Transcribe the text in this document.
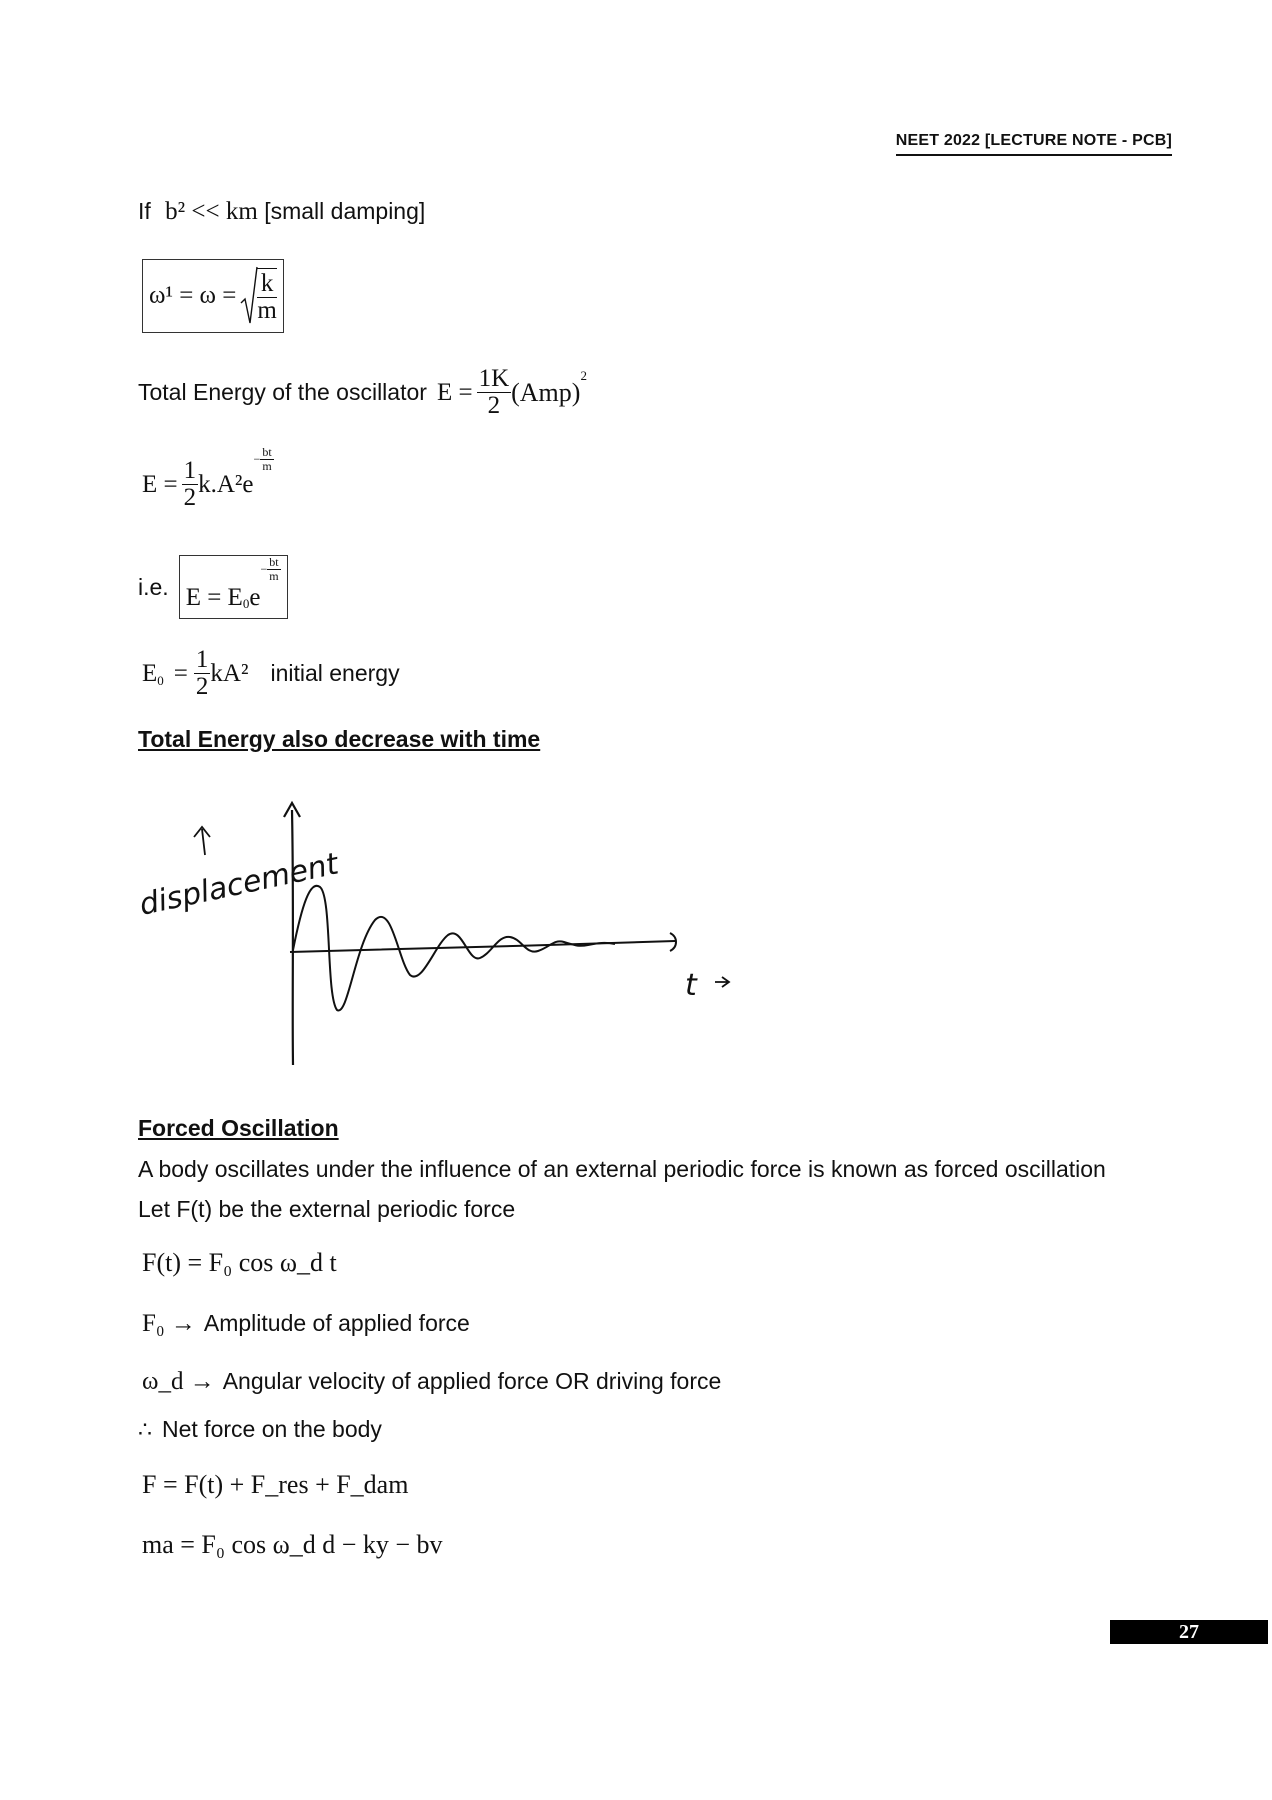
NEET 2022 [LECTURE NOTE - PCB]
If b² << km [small damping]
$\omega^1 = \omega = \frac{k}{m}$
Total Energy of the oscillator $E = \frac{1K}{2} (Amp)$
2
$E = \frac{1}{2} k.A^2e$
− $\frac{bt}{m}$
i.e. $E = E_0$ e
− $\frac{bt}{m}$
$E_0 = \frac{1}{2} kA^2$ initial energy
Total Energy also decrease with time
displacement
t
Forced Oscillation
A body oscillates under the influence of an external periodic force is known as forced oscillation
Let F(t) be the external periodic force
F(t) = F₀ cos ω_d t
F₀ → Amplitude of applied force
ω_d → Angular velocity of applied force OR driving force
∴ Net force on the body
F = F(t) + F_res + F_dam
ma = F₀ cos ω_d d − ky − bv
27
